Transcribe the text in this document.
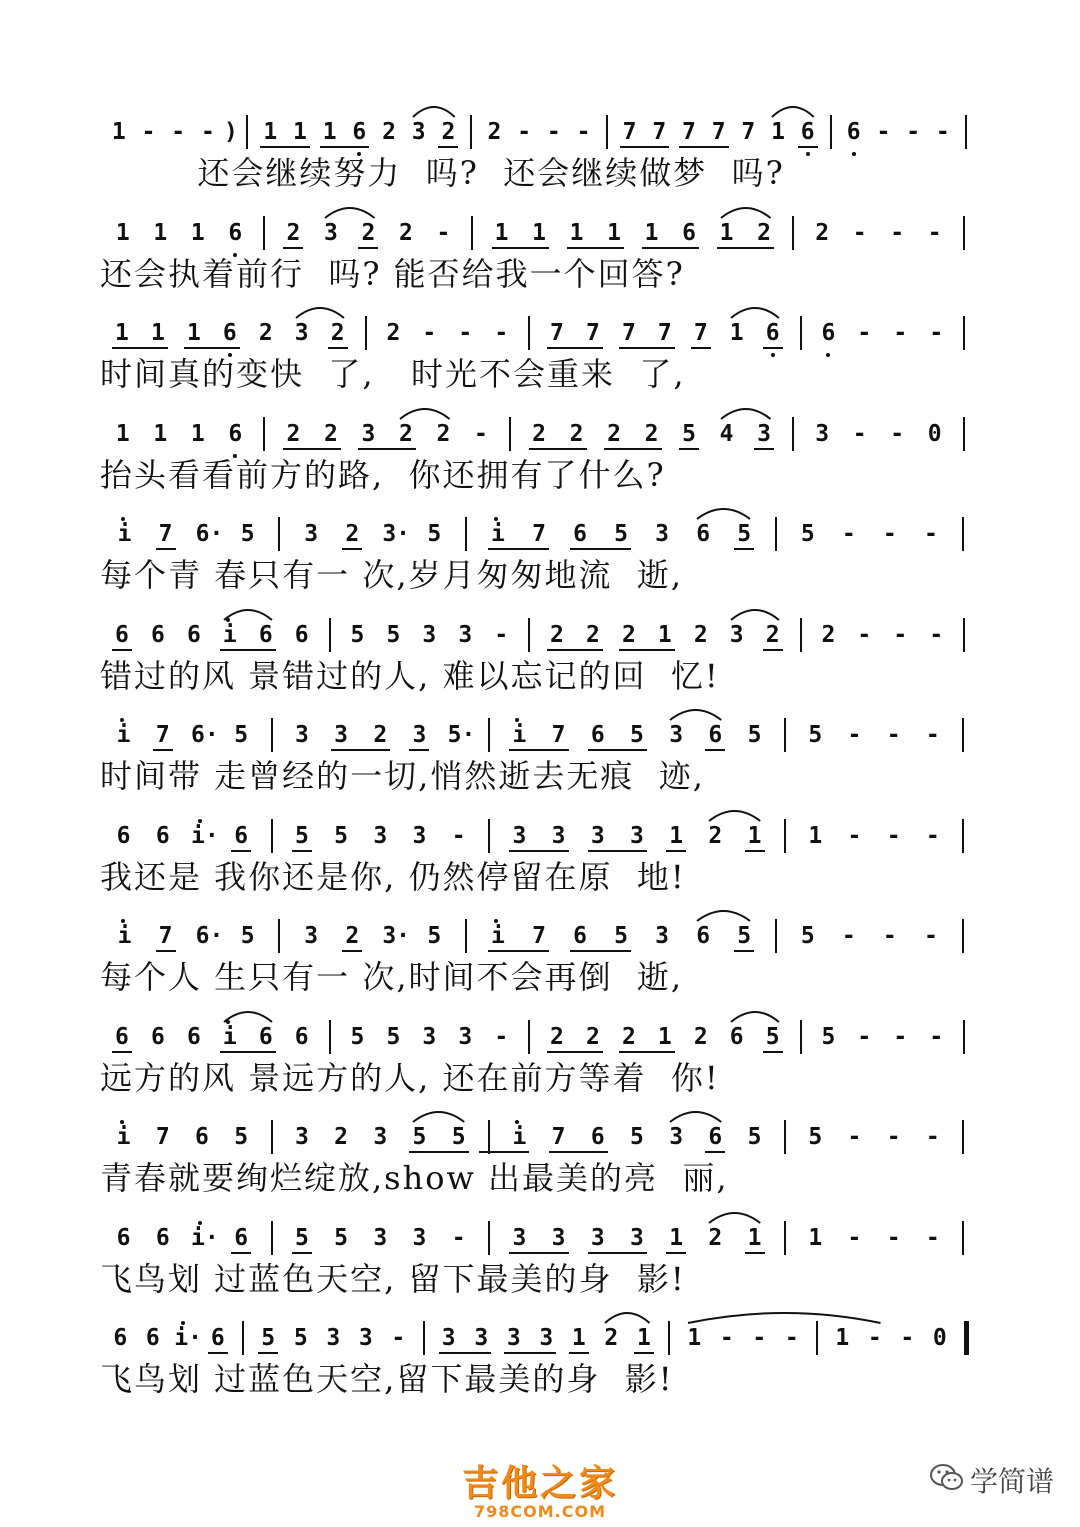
1 - - - ) 1 1 1 6 2 3 2 2 - - - 7 7 7 7 7 1 6 6 - - -
还会继续努力  吗?  还会继续做梦  吗?
1 1 1 6 2 3 2 2 - 1 1 1 1 1 6 1 2 2 - - -
还会执着前行  吗? 能否给我一个回答?
1 1 1 6 2 3 2 2 - - - 7 7 7 7 7 1 6 6 - - -
时间真的变快  了,   时光不会重来  了,
1 1 1 6 2 2 3 2 2 - 2 2 2 2 5 4 3 3 - - 0
抬头看看前方的路,  你还拥有了什么?
i 7 6· 5 3 2 3· 5 i 7 6 5 3 6 5 5 - - -
每个青 春只有一 次,岁月匆匆地流  逝,
6 6 6 i 6 6 5 5 3 3 - 2 2 2 1 2 3 2 2 - - -
错过的风 景错过的人, 难以忘记的回  忆!
i 7 6· 5 3 3 2 3 5· i 7 6 5 3 6 5 5 - - -
时间带 走曾经的一切,悄然逝去无痕  迹,
6 6 i· 6 5 5 3 3 - 3 3 3 3 1 2 1 1 - - -
我还是 我你还是你, 仍然停留在原  地!
i 7 6· 5 3 2 3· 5 i 7 6 5 3 6 5 5 - - -
每个人 生只有一 次,时间不会再倒  逝,
6 6 6 i 6 6 5 5 3 3 - 2 2 2 1 2 6 5 5 - - -
远方的风 景远方的人, 还在前方等着  你!
i 7 6 5 3 2 3 5 5 i 7 6 5 3 6 5 5 - - -
青春就要绚烂绽放,show 出最美的亮  丽,
6 6 i· 6 5 5 3 3 - 3 3 3 3 1 2 1 1 - - -
飞鸟划 过蓝色天空, 留下最美的身  影!
6 6 i· 6 5 5 3 3 - 3 3 3 3 1 2 1 1 - - - 1 - - 0
飞鸟划 过蓝色天空,留下最美的身  影!
吉他之家
798COM.COM
学简谱
